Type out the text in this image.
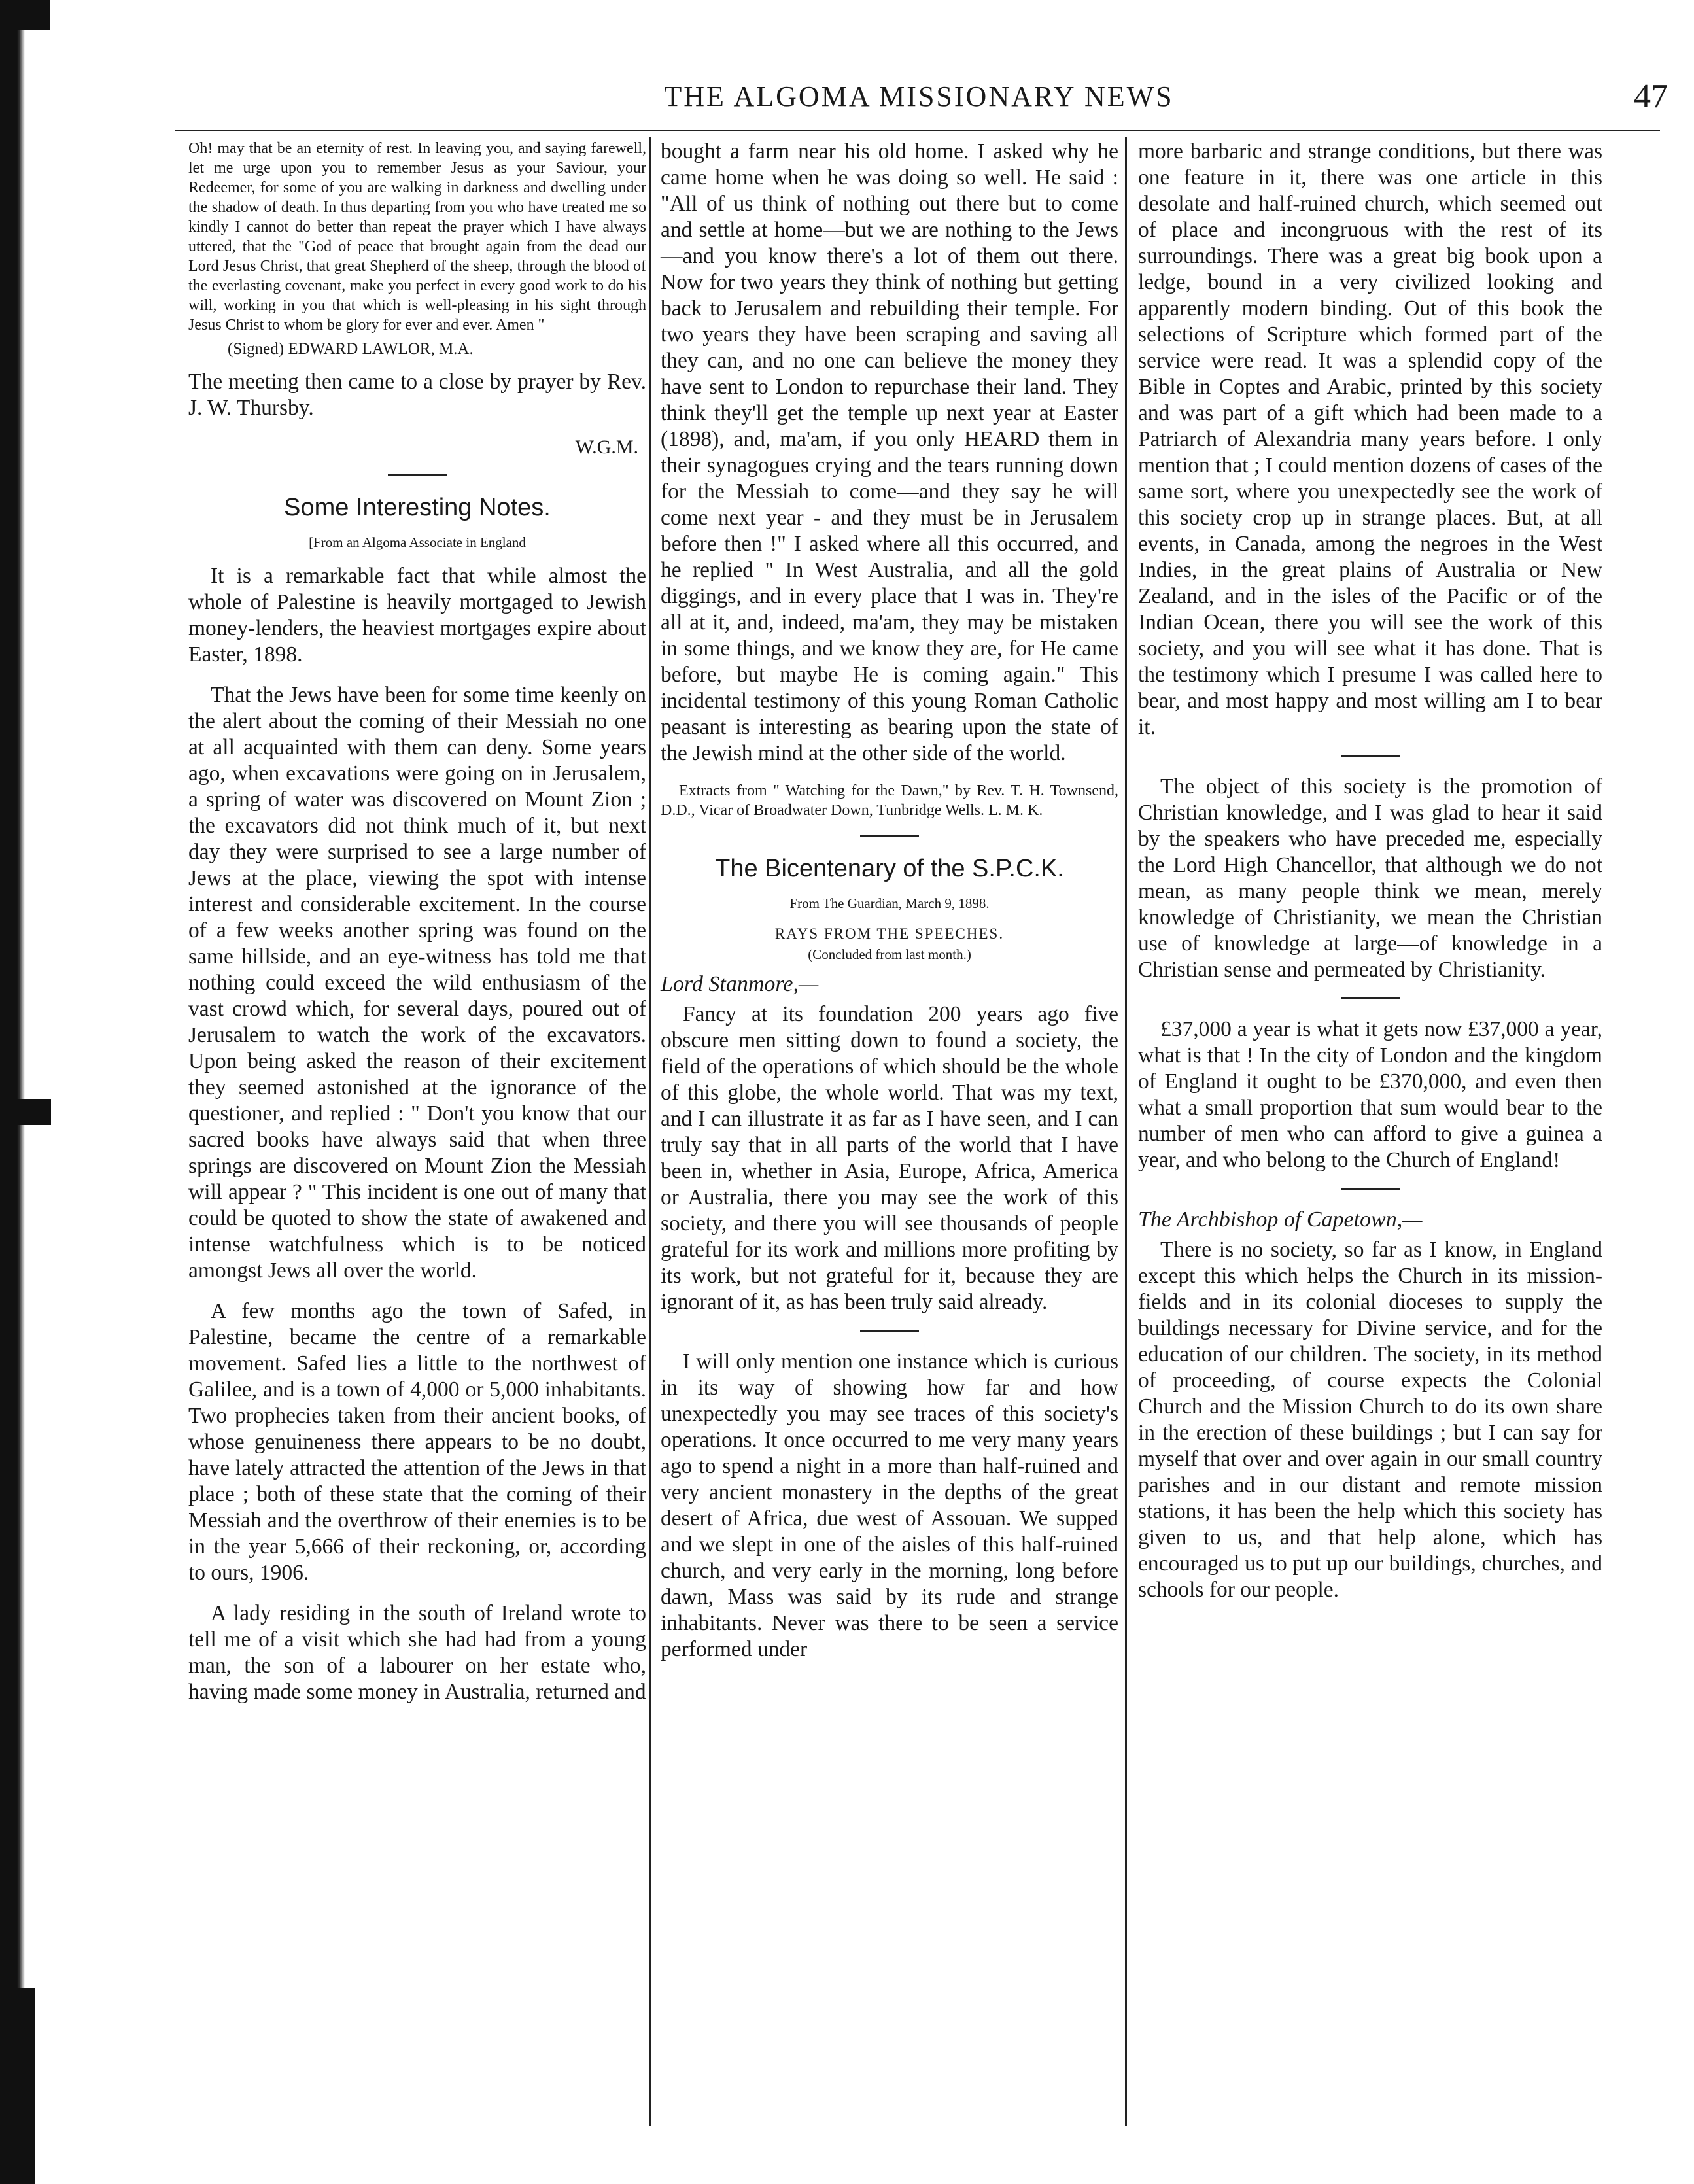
THE ALGOMA MISSIONARY NEWS	47
Oh! may that be an eternity of rest. In leaving you, and saying farewell, let me urge upon you to remember Jesus as your Saviour, your Redeemer, for some of you are walking in darkness and dwelling under the shadow of death. In thus departing from you who have treated me so kindly I cannot do better than repeat the prayer which I have always uttered, that the "God of peace that brought again from the dead our Lord Jesus Christ, that great Shepherd of the sheep, through the blood of the everlasting covenant, make you perfect in every good work to do his will, working in you that which is well-pleasing in his sight through Jesus Christ to whom be glory for ever and ever. Amen "
(Signed) EDWARD LAWLOR, M.A.
The meeting then came to a close by prayer by Rev. J. W. Thursby.
W.G.M.
Some Interesting Notes.
[From an Algoma Associate in England
It is a remarkable fact that while almost the whole of Palestine is heavily mortgaged to Jewish money-lenders, the heaviest mortgages expire about Easter, 1898.
That the Jews have been for some time keenly on the alert about the coming of their Messiah no one at all acquainted with them can deny. Some years ago, when excavations were going on in Jerusalem, a spring of water was discovered on Mount Zion ; the excavators did not think much of it, but next day they were surprised to see a large number of Jews at the place, viewing the spot with intense interest and considerable excitement. In the course of a few weeks another spring was found on the same hillside, and an eye-witness has told me that nothing could exceed the wild enthusiasm of the vast crowd which, for several days, poured out of Jerusalem to watch the work of the excavators. Upon being asked the reason of their excitement they seemed astonished at the ignorance of the questioner, and replied : " Don't you know that our sacred books have always said that when three springs are discovered on Mount Zion the Messiah will appear ? " This incident is one out of many that could be quoted to show the state of awakened and intense watchfulness which is to be noticed amongst Jews all over the world.
A few months ago the town of Safed, in Palestine, became the centre of a remarkable movement. Safed lies a little to the northwest of Galilee, and is a town of 4,000 or 5,000 inhabitants. Two prophecies taken from their ancient books, of whose genuineness there appears to be no doubt, have lately attracted the attention of the Jews in that place ; both of these state that the coming of their Messiah and the overthrow of their enemies is to be in the year 5,666 of their reckoning, or, according to ours, 1906.
A lady residing in the south of Ireland wrote to tell me of a visit which she had had from a young man, the son of a labourer on her estate who, having made some money in Australia, returned and
bought a farm near his old home. I asked why he came home when he was doing so well. He said : "All of us think of nothing out there but to come and settle at home—but we are nothing to the Jews—and you know there's a lot of them out there. Now for two years they think of nothing but getting back to Jerusalem and rebuilding their temple. For two years they have been scraping and saving all they can, and no one can believe the money they have sent to London to repurchase their land. They think they'll get the temple up next year at Easter (1898), and, ma'am, if you only HEARD them in their synagogues crying and the tears running down for the Messiah to come—and they say he will come next year - and they must be in Jerusalem before then !" I asked where all this occurred, and he replied " In West Australia, and all the gold diggings, and in every place that I was in. They're all at it, and, indeed, ma'am, they may be mistaken in some things, and we know they are, for He came before, but maybe He is coming again." This incidental testimony of this young Roman Catholic peasant is interesting as bearing upon the state of the Jewish mind at the other side of the world.
Extracts from " Watching for the Dawn," by Rev. T. H. Townsend, D.D., Vicar of Broadwater Down, Tunbridge Wells. L. M. K.
The Bicentenary of the S.P.C.K.
From The Guardian, March 9, 1898.
RAYS FROM THE SPEECHES.
(Concluded from last month.)
Lord Stanmore,—
Fancy at its foundation 200 years ago five obscure men sitting down to found a society, the field of the operations of which should be the whole of this globe, the whole world. That was my text, and I can illustrate it as far as I have seen, and I can truly say that in all parts of the world that I have been in, whether in Asia, Europe, Africa, America or Australia, there you may see the work of this society, and there you will see thousands of people grateful for its work and millions more profiting by its work, but not grateful for it, because they are ignorant of it, as has been truly said already.
I will only mention one instance which is curious in its way of showing how far and how unexpectedly you may see traces of this society's operations. It once occurred to me very many years ago to spend a night in a more than half-ruined and very ancient monastery in the depths of the great desert of Africa, due west of Assouan. We supped and we slept in one of the aisles of this half-ruined church, and very early in the morning, long before dawn, Mass was said by its rude and strange inhabitants. Never was there to be seen a service performed under
more barbaric and strange conditions, but there was one feature in it, there was one article in this desolate and half-ruined church, which seemed out of place and incongruous with the rest of its surroundings. There was a great big book upon a ledge, bound in a very civilized looking and apparently modern binding. Out of this book the selections of Scripture which formed part of the service were read. It was a splendid copy of the Bible in Coptes and Arabic, printed by this society and was part of a gift which had been made to a Patriarch of Alexandria many years before. I only mention that ; I could mention dozens of cases of the same sort, where you unexpectedly see the work of this society crop up in strange places. But, at all events, in Canada, among the negroes in the West Indies, in the great plains of Australia or New Zealand, and in the isles of the Pacific or of the Indian Ocean, there you will see the work of this society, and you will see what it has done. That is the testimony which I presume I was called here to bear, and most happy and most willing am I to bear it.
The object of this society is the promotion of Christian knowledge, and I was glad to hear it said by the speakers who have preceded me, especially the Lord High Chancellor, that although we do not mean, as many people think we mean, merely knowledge of Christianity, we mean the Christian use of knowledge at large—of knowledge in a Christian sense and permeated by Christianity.
£37,000 a year is what it gets now £37,000 a year, what is that ! In the city of London and the kingdom of England it ought to be £370,000, and even then what a small proportion that sum would bear to the number of men who can afford to give a guinea a year, and who belong to the Church of England!
The Archbishop of Capetown,—
There is no society, so far as I know, in England except this which helps the Church in its mission-fields and in its colonial dioceses to supply the buildings necessary for Divine service, and for the education of our children. The society, in its method of proceeding, of course expects the Colonial Church and the Mission Church to do its own share in the erection of these buildings ; but I can say for myself that over and over again in our small country parishes and in our distant and remote mission stations, it has been the help which this society has given to us, and that help alone, which has encouraged us to put up our buildings, churches, and schools for our people.
